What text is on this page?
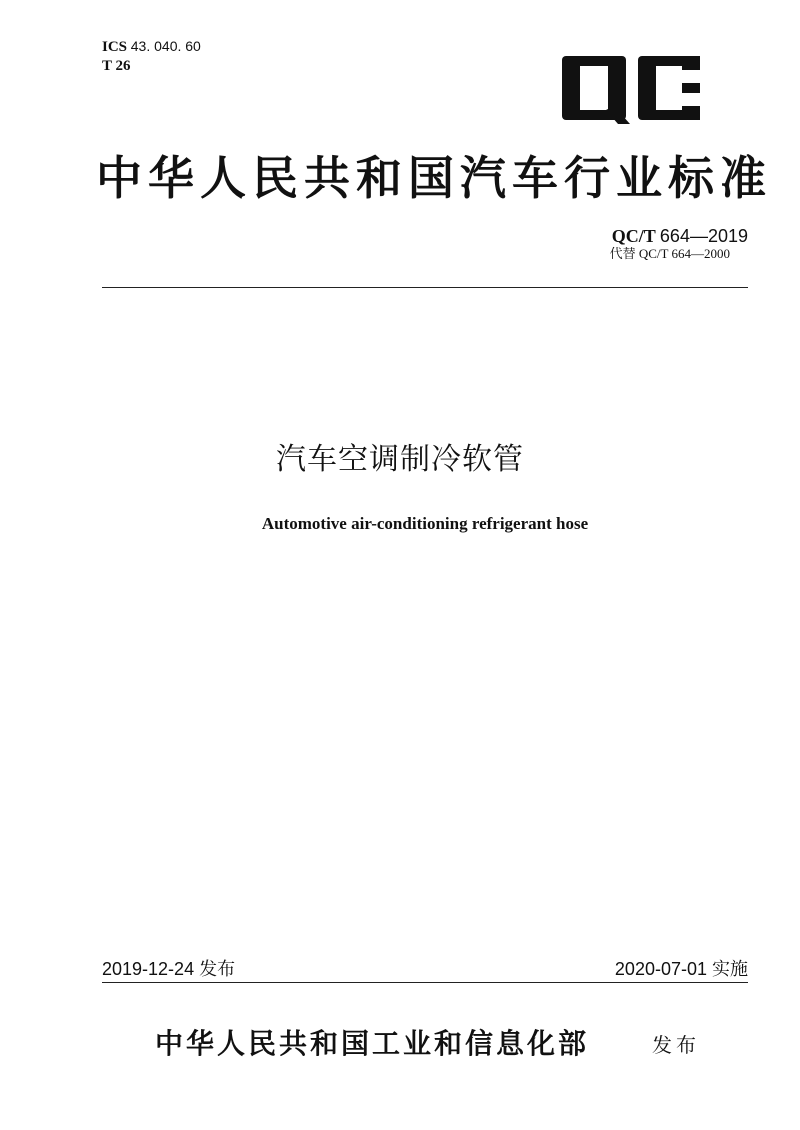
ICS 43. 040. 60
T 26
中华人民共和国汽车行业标准
QC/T 664—2019
代替 QC/T 664—2000
汽车空调制冷软管
Automotive air-conditioning refrigerant hose
2019-12-24 发布	2020-07-01 实施
中华人民共和国工业和信息化部	发布
